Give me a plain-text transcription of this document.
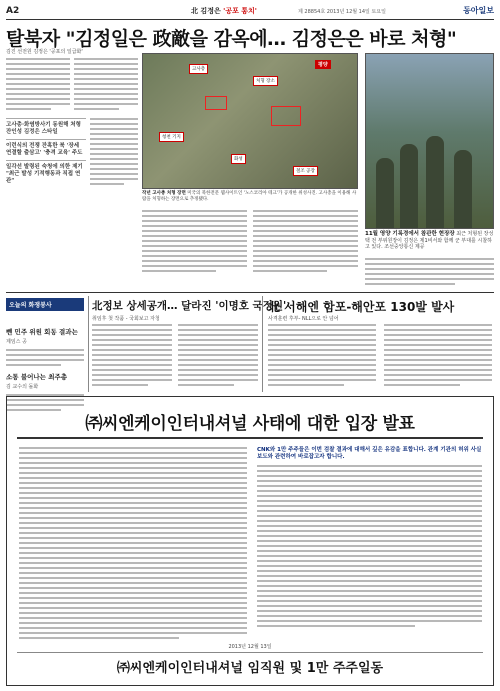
A2	北 김정은 '공포 통치'	제 28854호 2013년 12월 14일 토요일	동아일보
탈북자 "김정일은 政敵을 감옥에… 김정은은 바로 처형"
김진 선전원 김정은 '공포의 일급화'
고사총·화염방사기 동원해 처형 잔인성 김정은 스타일
이런식의 전쟁 잔혹한 북 '장세 연결할 출삼고' '충격 교육' 주도
일각선 발령된 숙청에 의한 제기 "최근 발성 기적행동과 직접 연관"
고사총
처형 장소
청천 기지
화성
철조 공장
평양
작년 고사총 처형 장면 미국의 북한전문 웹사이트인 '노스코리아 테크'가 공개한 위성사진. 고사총을 이용해 사람을 처형하는 장면으로 추정됐다.
11월 영양 기록경에서 참관한 현장장 최근 처형된 장성택 전 부위원장이 김정은 제1비서와 함께 군 부대를 시찰하고 있다. 조선중앙통신 제공
오늘의 화쟁봉사
뺀 민주 위원 회동 결과는
제임스 공
소통 불어나는 최주총
김 교수의 돌화
北정보 상세공개… 달라진 '이명호 국정원'
취임후 첫 작품 - 국회보고 자청
北 서해엔 함포-해안포 130발 발사
사격훈련 후부- NLL으로 안 넘어
㈜씨엔케이인터내셔널 사태에 대한 입장 발표
CNK와 1만 주주들은 이번 검찰 결과에 대해서 깊은 유감을 표합니다. 관계 기관의 허위 사실 보도와 관련하여 바로잡고자 합니다.
2013년 12월 13일
㈜씨엔케이인터내셔널 임직원 및 1만 주주일동
